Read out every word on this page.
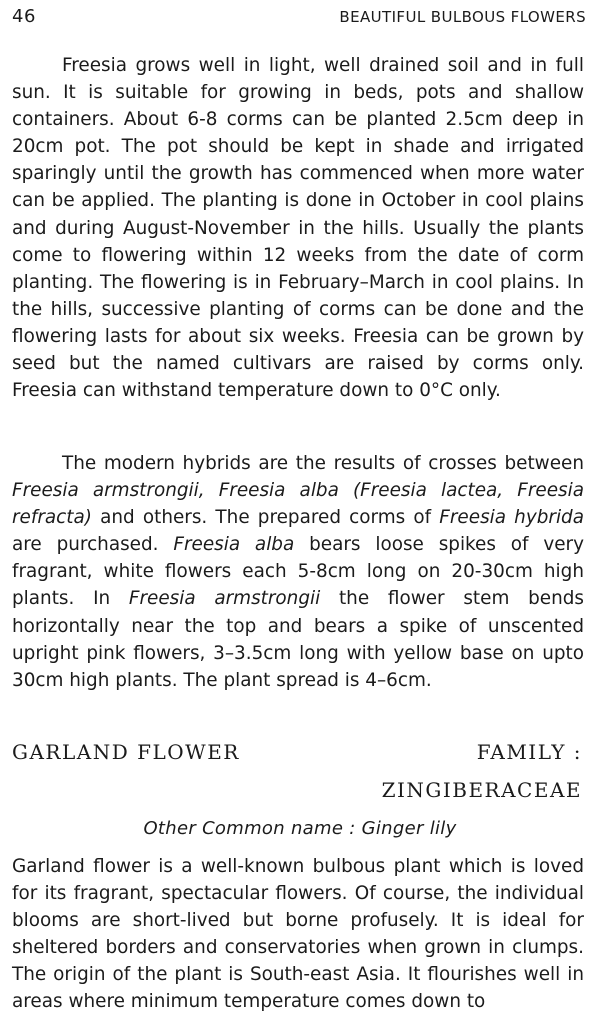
46	BEAUTIFUL BULBOUS FLOWERS

Freesia grows well in light, well drained soil and in full sun. It is suitable for growing in beds, pots and shallow containers. About 6-8 corms can be planted 2.5cm deep in 20cm pot. The pot should be kept in shade and irrigated sparingly until the growth has commenced when more water can be applied. The planting is done in October in cool plains and during August-November in the hills. Usually the plants come to flowering within 12 weeks from the date of corm planting. The flowering is in February–March in cool plains. In the hills, successive planting of corms can be done and the flowering lasts for about six weeks. Freesia can be grown by seed but the named cultivars are raised by corms only. Freesia can withstand temperature down to 0°C only.

The modern hybrids are the results of crosses between Freesia armstrongii, Freesia alba (Freesia lactea, Freesia refracta) and others. The prepared corms of Freesia hybrida are purchased. Freesia alba bears loose spikes of very fragrant, white flowers each 5-8cm long on 20-30cm high plants. In Freesia armstrongii the flower stem bends horizontally near the top and bears a spike of unscented upright pink flowers, 3–3.5cm long with yellow base on upto 30cm high plants. The plant spread is 4–6cm.

GARLAND FLOWER	FAMILY :
ZINGIBERACEAE
Other Common name : Ginger lily

Garland flower is a well-known bulbous plant which is loved for its fragrant, spectacular flowers. Of course, the individual blooms are short-lived but borne profusely. It is ideal for sheltered borders and conservatories when grown in clumps. The origin of the plant is South-east Asia. It flourishes well in areas where minimum temperature comes down to
